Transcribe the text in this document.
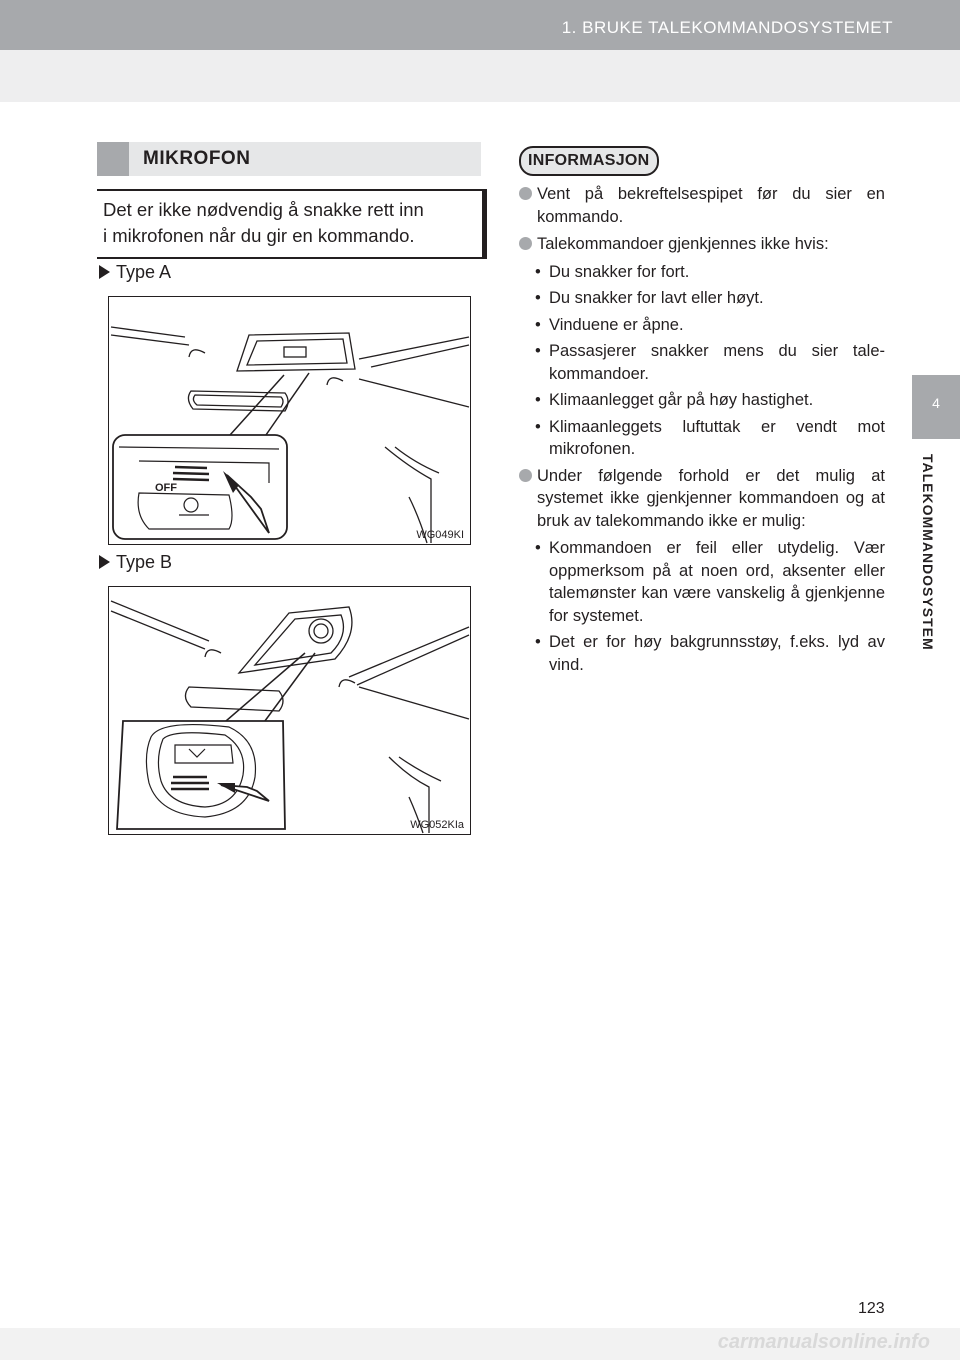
1. BRUKE TALEKOMMANDOSYSTEMET
4
TALEKOMMANDOSYSTEM
MIKROFON
Det er ikke nødvendig å snakke rett inn
i mikrofonen når du gir en kommando.
Type A
OFF
WG049KI
Type B
WG052KIa
INFORMASJON

Vent på bekreftelsespipet før du sier en kommando.

Talekommandoer gjenkjennes ikke hvis:

• Du snakker for fort.

• Du snakker for lavt eller høyt.

• Vinduene er åpne.

• Passasjerer snakker mens du sier tale-kommandoer.

• Klimaanlegget går på høy hastighet.

• Klimaanleggets luftuttak er vendt mot mikrofonen.

Under følgende forhold er det mulig at systemet ikke gjenkjenner kommandoen og at bruk av talekommando ikke er mulig:

• Kommandoen er feil eller utydelig. Vær oppmerksom på at noen ord, aksenter eller talemønster kan være vanskelig å gjenkjenne for systemet.

• Det er for høy bakgrunnsstøy, f.eks. lyd av vind.

123
carmanualsonline.info
